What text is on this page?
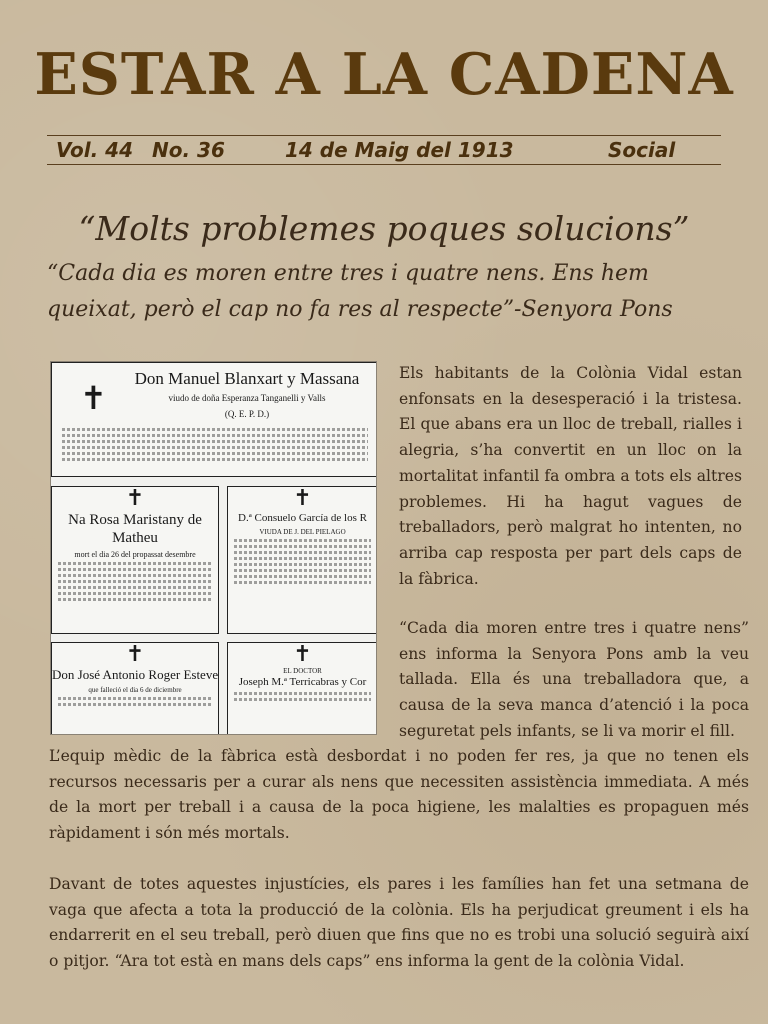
ESTAR A LA CADENA
Vol. 44 No. 36	14 de Maig del 1913	Social
“Molts problemes poques solucions”
“Cada dia es moren entre tres i quatre nens. Ens hem queixat, però el cap no fa res al respecte”-Senyora Pons
✝
Don Manuel Blanxart y Massana
viudo de doña Esperanza Tanganelli y Valls
(Q. E. P. D.)
✝
Na Rosa Maristany de Matheu
mort el dia 26 del propassat desembre
✝
D.ª Consuelo García de los R
VIUDA DE J. DEL PIELAGO
✝
Don José Antonio Roger Esteve
que falleció el dia 6 de diciembre
✝
EL DOCTOR
Joseph M.ª Terricabras y Cor
Els habitants de la Colònia Vidal estan enfonsats en la desesperació i la tristesa. El que abans era un lloc de treball, rialles i alegria, s’ha convertit en un lloc on la mortalitat infantil fa ombra a tots els altres problemes. Hi ha hagut vagues de treballadors, però malgrat ho intenten, no arriba cap resposta per part dels caps de la fàbrica.
“Cada dia moren entre tres i quatre nens” ens informa la Senyora Pons amb la veu tallada. Ella és una treballadora que, a causa de la seva manca d’atenció i la poca seguretat pels infants, se li va morir el fill.
L’equip mèdic de la fàbrica està desbordat i no poden fer res, ja que no tenen els recursos necessaris per a curar als nens que necessiten assistència immediata. A més de la mort per treball i a causa de la poca higiene, les malalties es propaguen més ràpidament i són més mortals.
Davant de totes aquestes injustícies, els pares i les famílies han fet una setmana de vaga que afecta a tota la producció de la colònia. Els ha perjudicat greument i els ha endarrerit en el seu treball, però diuen que fins que no es trobi una solució seguirà així o pitjor. “Ara tot està en mans dels caps” ens informa la gent de la colònia Vidal.
